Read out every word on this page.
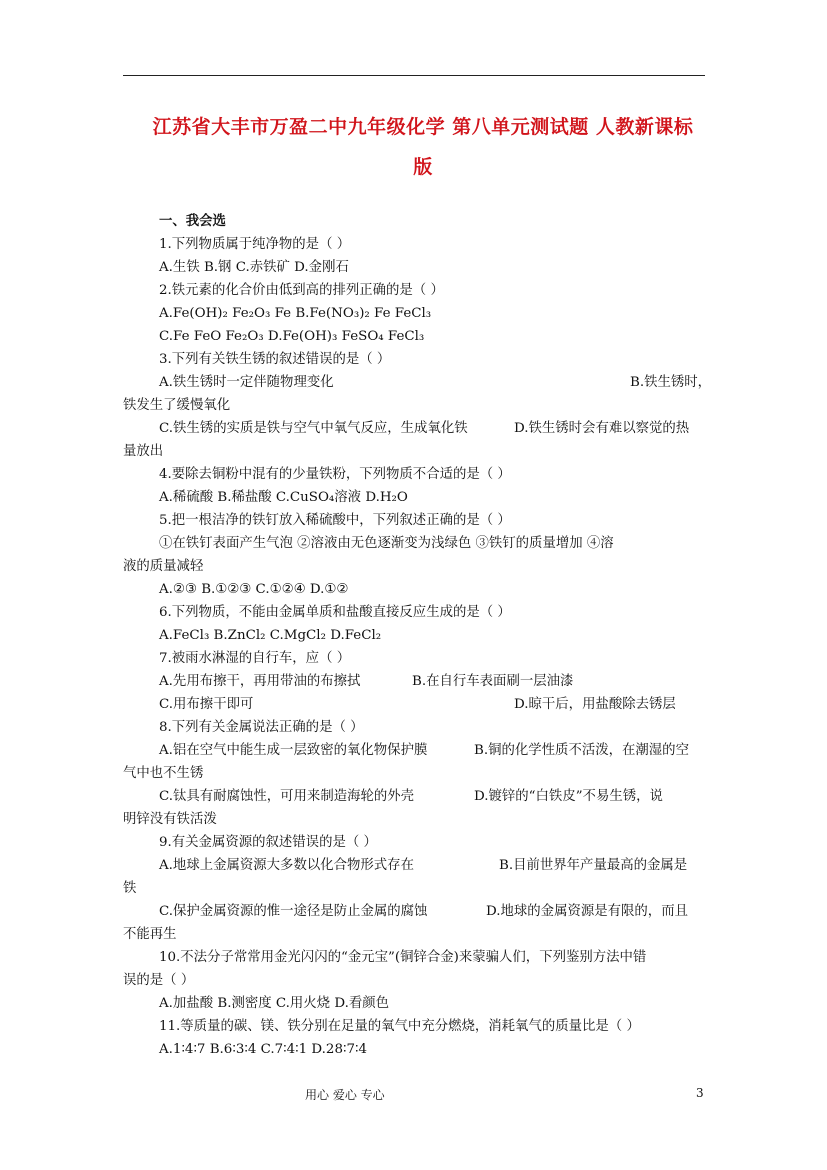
江苏省大丰市万盈二中九年级化学 第八单元测试题 人教新课标
版
一、我会选
1.下列物质属于纯净物的是（ ）
A.生铁 B.钢 C.赤铁矿 D.金刚石
2.铁元素的化合价由低到高的排列正确的是（ ）
A.Fe(OH)₂ Fe₂O₃ Fe B.Fe(NO₃)₂ Fe FeCl₃
C.Fe FeO Fe₂O₃ D.Fe(OH)₃ FeSO₄ FeCl₃
3.下列有关铁生锈的叙述错误的是（ ）
A.铁生锈时一定伴随物理变化	B.铁生锈时，
铁发生了缓慢氧化
C.铁生锈的实质是铁与空气中氧气反应，生成氧化铁	D.铁生锈时会有难以察觉的热
量放出
4.要除去铜粉中混有的少量铁粉，下列物质不合适的是（ ）
A.稀硫酸 B.稀盐酸 C.CuSO₄溶液 D.H₂O
5.把一根洁净的铁钉放入稀硫酸中，下列叙述正确的是（ ）
①在铁钉表面产生气泡 ②溶液由无色逐渐变为浅绿色 ③铁钉的质量增加 ④溶
液的质量减轻
A.②③ B.①②③ C.①②④ D.①②
6.下列物质，不能由金属单质和盐酸直接反应生成的是（ ）
A.FeCl₃ B.ZnCl₂ C.MgCl₂ D.FeCl₂
7.被雨水淋湿的自行车，应（ ）
A.先用布擦干，再用带油的布擦拭	B.在自行车表面刷一层油漆
C.用布擦干即可	D.晾干后，用盐酸除去锈层
8.下列有关金属说法正确的是（ ）
A.铝在空气中能生成一层致密的氧化物保护膜	B.铜的化学性质不活泼，在潮湿的空
气中也不生锈
C.钛具有耐腐蚀性，可用来制造海轮的外壳	D.镀锌的“白铁皮”不易生锈，说
明锌没有铁活泼
9.有关金属资源的叙述错误的是（ ）
A.地球上金属资源大多数以化合物形式存在	B.目前世界年产量最高的金属是
铁
C.保护金属资源的惟一途径是防止金属的腐蚀	D.地球的金属资源是有限的，而且
不能再生
10.不法分子常常用金光闪闪的“金元宝”(铜锌合金)来蒙骗人们，下列鉴别方法中错
误的是（ ）
A.加盐酸 B.测密度 C.用火烧 D.看颜色
11.等质量的碳、镁、铁分别在足量的氧气中充分燃烧，消耗氧气的质量比是（ ）
A.1∶4∶7 B.6∶3∶4 C.7∶4∶1 D.28∶7∶4
用心 爱心 专心	3
